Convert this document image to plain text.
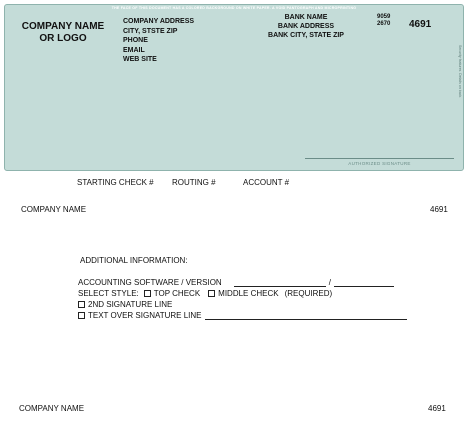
THE FACE OF THIS DOCUMENT HAS A COLORED BACKGROUND ON WHITE PAPER. A VOID PANTOGRAPH AND MICROPRINTING
Security features. Details on back.
COMPANY NAME
OR LOGO
COMPANY ADDRESS
CITY, STSTE ZIP
PHONE
EMAIL
WEB SITE
BANK NAME
BANK ADDRESS
BANK CITY, STATE ZIP
9059
2670 4691
AUTHORIZED SIGNATURE
STARTING CHECK # ROUTING #	ACCOUNT #
COMPANY NAME	4691
ADDITIONAL INFORMATION:
ACCOUNTING SOFTWARE / VERSION	/
SELECT STYLE: TOP CHECK MIDDLE CHECK (REQUIRED)
2ND SIGNATURE LINE
TEXT OVER SIGNATURE LINE
COMPANY NAME	4691
